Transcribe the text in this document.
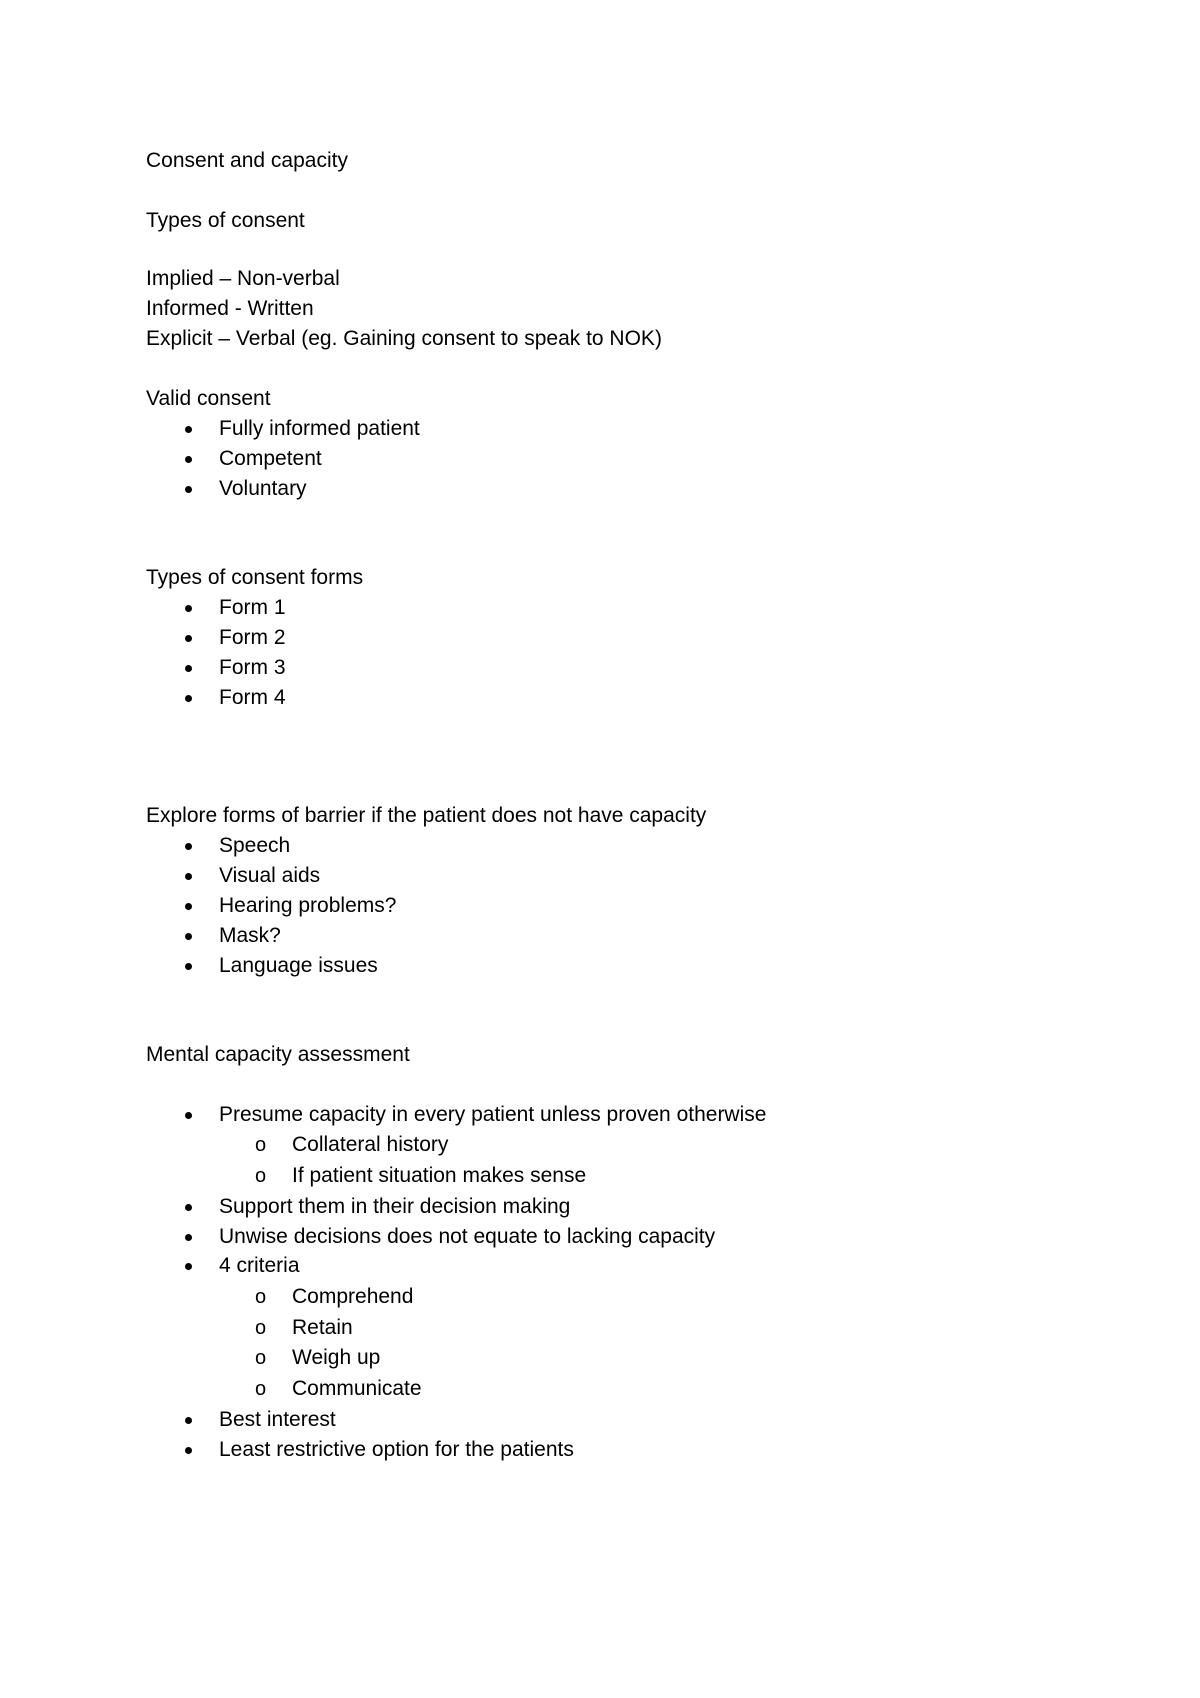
Consent and capacity
Types of consent
Implied – Non-verbal
Informed - Written
Explicit – Verbal (eg. Gaining consent to speak to NOK)
Valid consent
Fully informed patient
Competent
Voluntary
Types of consent forms
Form 1
Form 2
Form 3
Form 4
Explore forms of barrier if the patient does not have capacity
Speech
Visual aids
Hearing problems?
Mask?
Language issues
Mental capacity assessment
Presume capacity in every patient unless proven otherwise
o Collateral history
o If patient situation makes sense
Support them in their decision making
Unwise decisions does not equate to lacking capacity
4 criteria
o Comprehend
o Retain
o Weigh up
o Communicate
Best interest
Least restrictive option for the patients
